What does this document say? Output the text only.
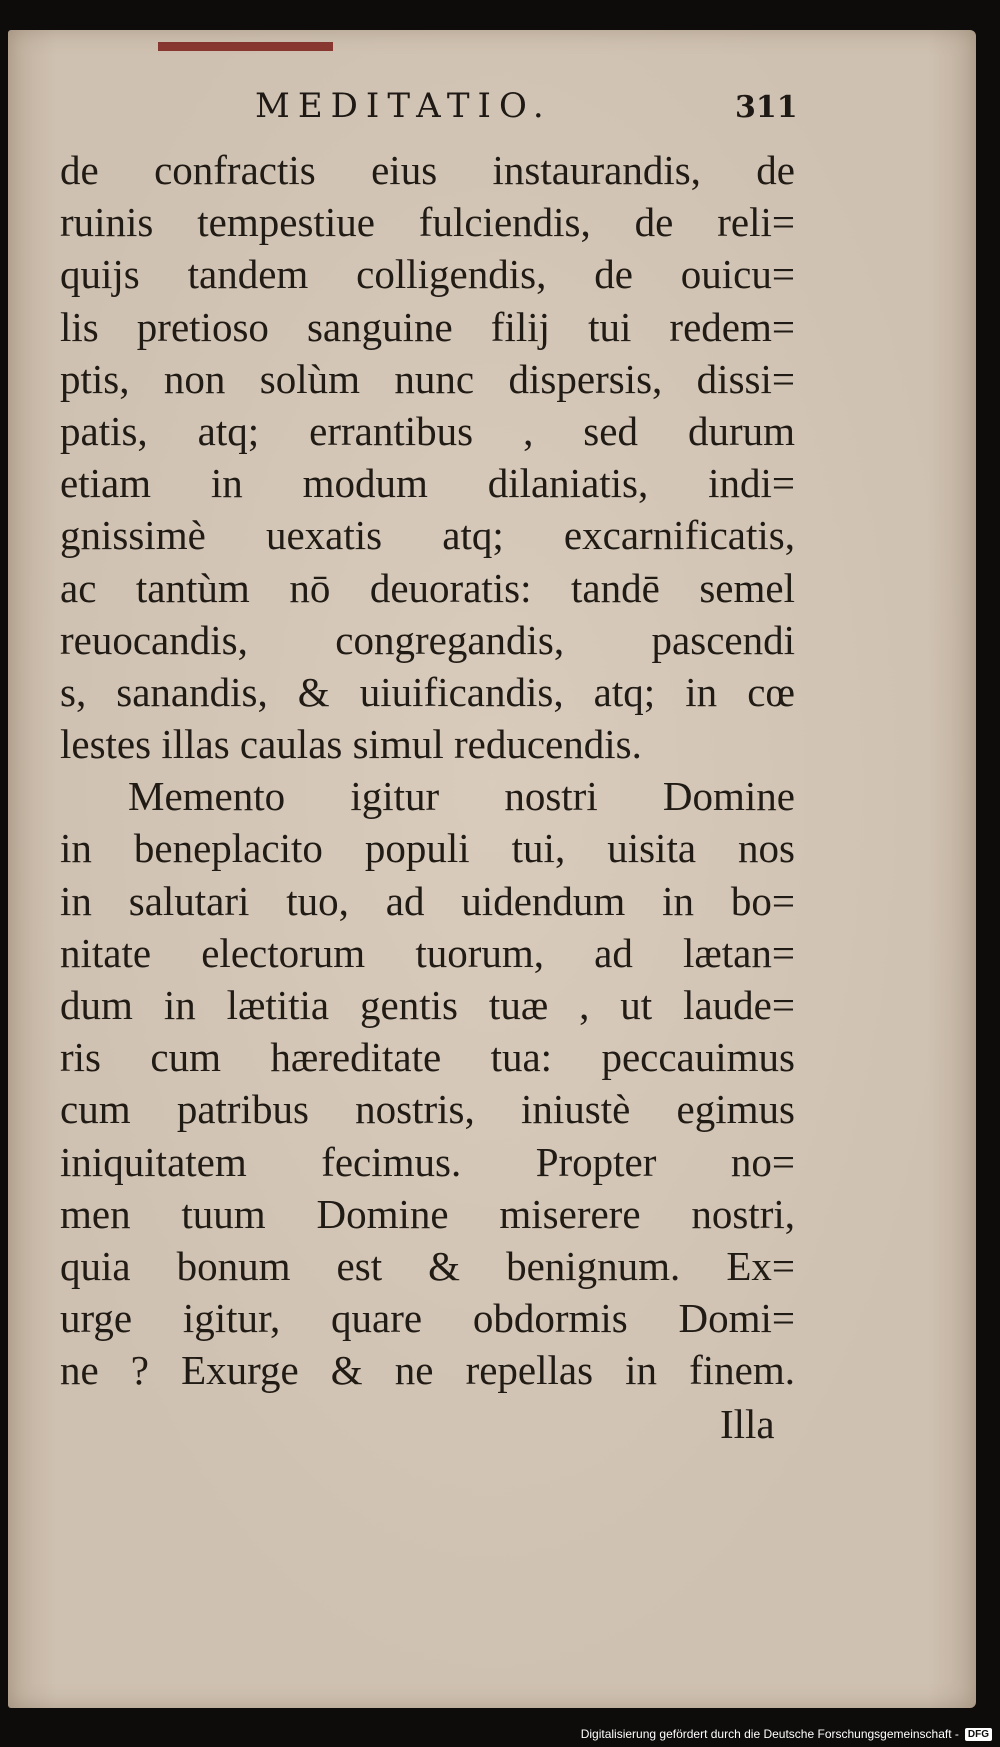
MEDITATIO.	311
de confractis eius instaurandis, de
ruinis tempestiue fulciendis, de reli=
quijs tandem colligendis, de ouicu=
lis pretioso sanguine filij tui redem=
ptis, non solùm nunc dispersis, dissi=
patis, atq; errantibus , sed durum
etiam in modum dilaniatis, indi=
gnissimè uexatis atq; excarnificatis,
ac tantùm nō deuoratis: tandē semel
reuocandis, congregandis, pascendi
s, sanandis, & uiuificandis, atq; in cœ
lestes illas caulas simul reducendis.
Memento igitur nostri Domine
in beneplacito populi tui, uisita nos
in salutari tuo, ad uidendum in bo=
nitate electorum tuorum, ad lætan=
dum in lætitia gentis tuæ , ut laude=
ris cum hæreditate tua: peccauimus
cum patribus nostris, iniustè egimus
iniquitatem fecimus. Propter no=
men tuum Domine miserere nostri,
quia bonum est & benignum. Ex=
urge igitur, quare obdormis Domi=
ne ? Exurge & ne repellas in finem.
Illa
Digitalisierung gefördert durch die Deutsche Forschungsgemeinschaft - DFG
